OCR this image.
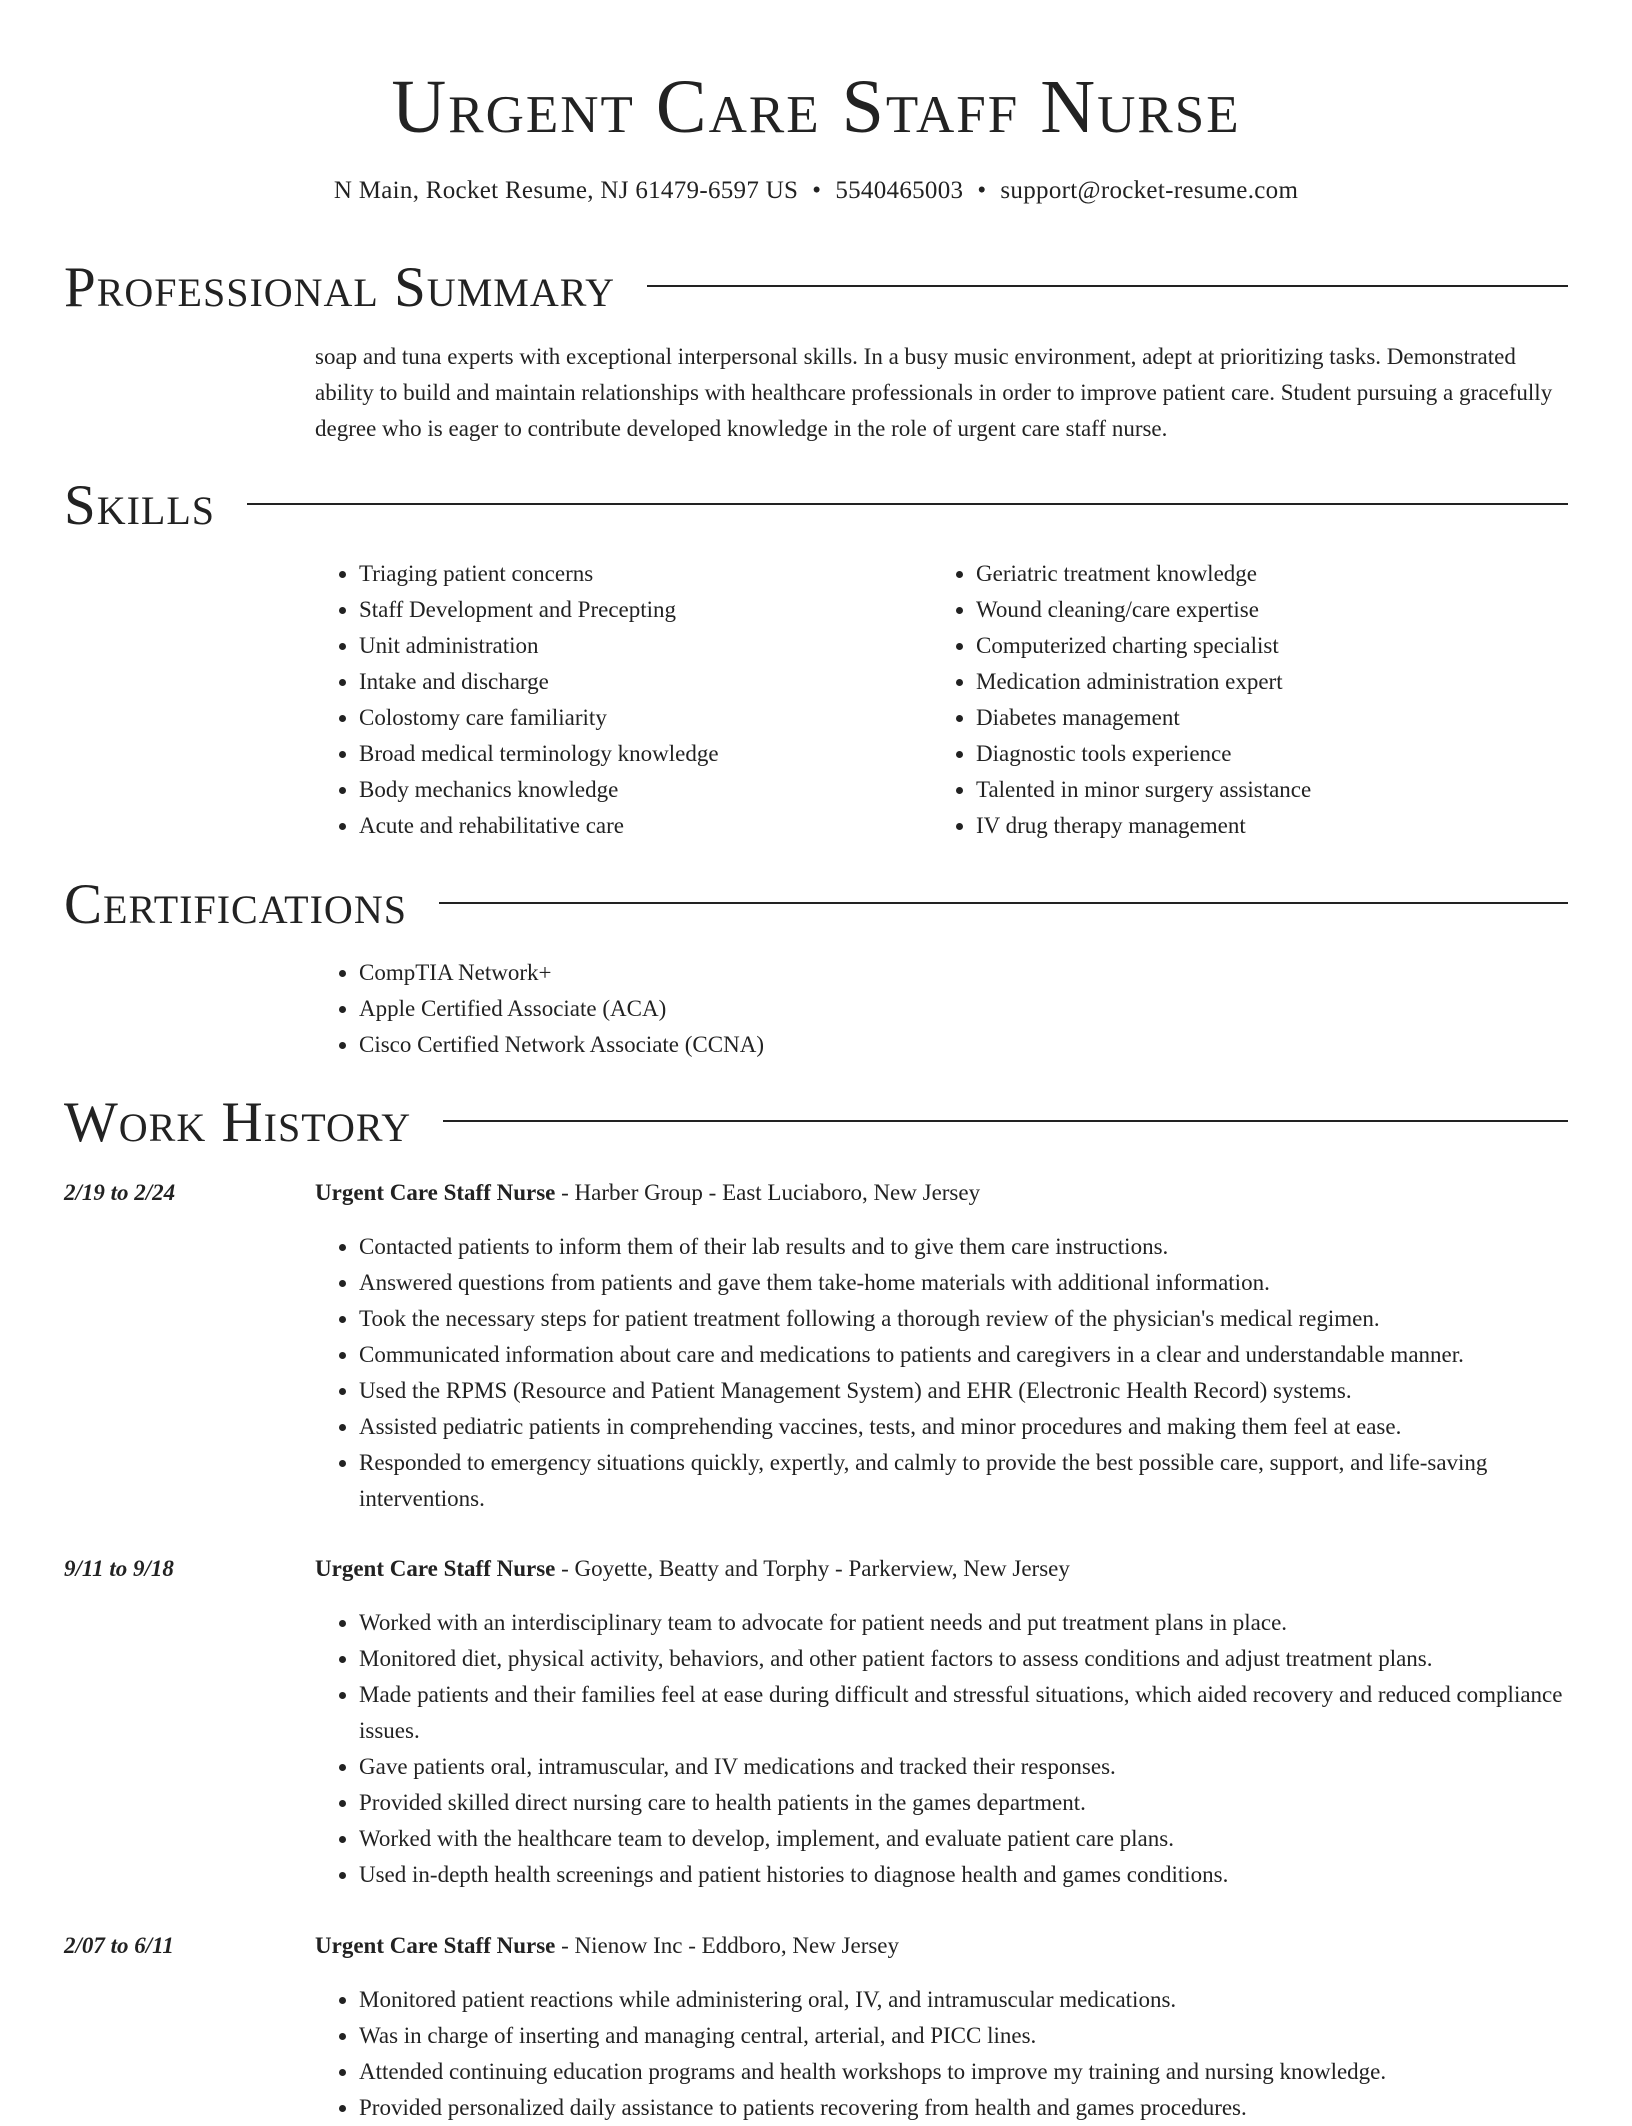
Urgent Care Staff Nurse
N Main, Rocket Resume, NJ 61479-6597 US • 5540465003 • support@rocket-resume.com
Professional Summary

soap and tuna experts with exceptional interpersonal skills. In a busy music environment, adept at prioritizing tasks. Demonstrated ability to build and maintain relationships with healthcare professionals in order to improve patient care. Student pursuing a gracefully degree who is eager to contribute developed knowledge in the role of urgent care staff nurse.

Skills
• Triaging patient concerns
• Staff Development and Precepting
• Unit administration
• Intake and discharge
• Colostomy care familiarity
• Broad medical terminology knowledge
• Body mechanics knowledge
• Acute and rehabilitative care
• Geriatric treatment knowledge
• Wound cleaning/care expertise
• Computerized charting specialist
• Medication administration expert
• Diabetes management
• Diagnostic tools experience
• Talented in minor surgery assistance
• IV drug therapy management
Certifications
• CompTIA Network+
• Apple Certified Associate (ACA)
• Cisco Certified Network Associate (CCNA)
Work History
2/19 to 2/24	Urgent Care Staff Nurse - Harber Group - East Luciaboro, New Jersey
• Contacted patients to inform them of their lab results and to give them care instructions.
• Answered questions from patients and gave them take-home materials with additional information.
• Took the necessary steps for patient treatment following a thorough review of the physician's medical regimen.
• Communicated information about care and medications to patients and caregivers in a clear and understandable manner.
• Used the RPMS (Resource and Patient Management System) and EHR (Electronic Health Record) systems.
• Assisted pediatric patients in comprehending vaccines, tests, and minor procedures and making them feel at ease.
• Responded to emergency situations quickly, expertly, and calmly to provide the best possible care, support, and life-saving interventions.
9/11 to 9/18	Urgent Care Staff Nurse - Goyette, Beatty and Torphy - Parkerview, New Jersey
• Worked with an interdisciplinary team to advocate for patient needs and put treatment plans in place.
• Monitored diet, physical activity, behaviors, and other patient factors to assess conditions and adjust treatment plans.
• Made patients and their families feel at ease during difficult and stressful situations, which aided recovery and reduced compliance issues.
• Gave patients oral, intramuscular, and IV medications and tracked their responses.
• Provided skilled direct nursing care to health patients in the games department.
• Worked with the healthcare team to develop, implement, and evaluate patient care plans.
• Used in-depth health screenings and patient histories to diagnose health and games conditions.
2/07 to 6/11	Urgent Care Staff Nurse - Nienow Inc - Eddboro, New Jersey
• Monitored patient reactions while administering oral, IV, and intramuscular medications.
• Was in charge of inserting and managing central, arterial, and PICC lines.
• Attended continuing education programs and health workshops to improve my training and nursing knowledge.
• Provided personalized daily assistance to patients recovering from health and games procedures.
